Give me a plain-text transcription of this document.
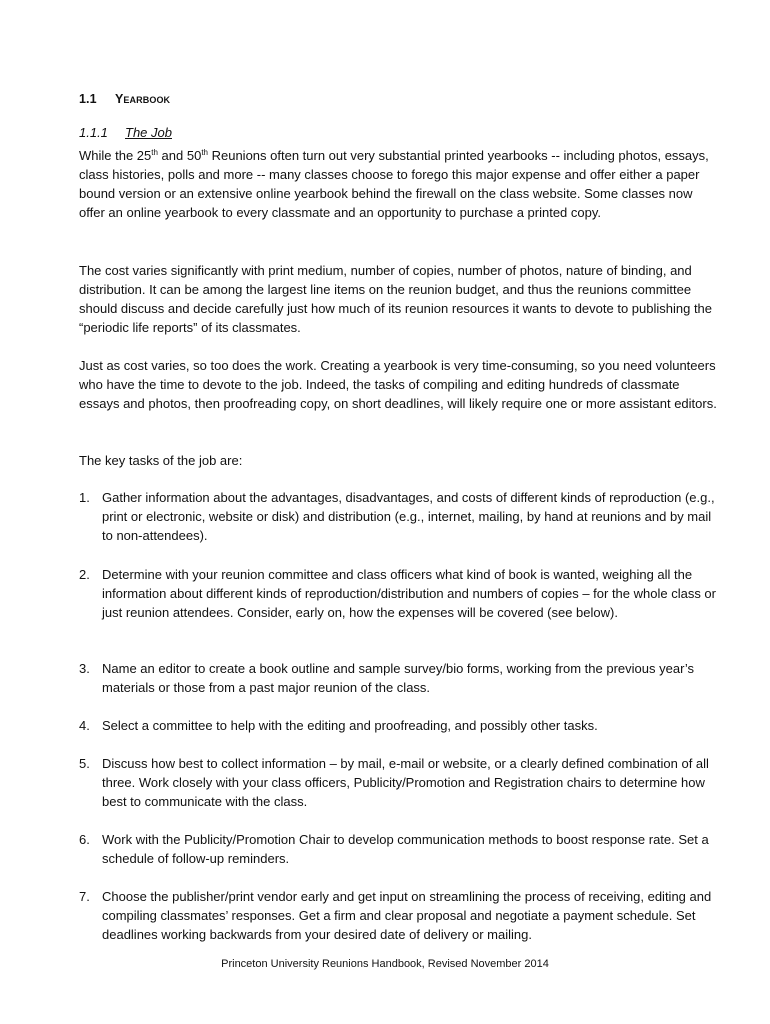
1.1 Yearbook
1.1.1 The Job

While the 25th and 50th Reunions often turn out very substantial printed yearbooks -- including photos, essays, class histories, polls and more -- many classes choose to forego this major expense and offer either a paper bound version or an extensive online yearbook behind the firewall on the class website. Some classes now offer an online yearbook to every classmate and an opportunity to purchase a printed copy.

The cost varies significantly with print medium, number of copies, number of photos, nature of binding, and distribution. It can be among the largest line items on the reunion budget, and thus the reunions committee should discuss and decide carefully just how much of its reunion resources it wants to devote to publishing the “periodic life reports” of its classmates.

Just as cost varies, so too does the work. Creating a yearbook is very time-consuming, so you need volunteers who have the time to devote to the job. Indeed, the tasks of compiling and editing hundreds of classmate essays and photos, then proofreading copy, on short deadlines, will likely require one or more assistant editors.

The key tasks of the job are:

1. Gather information about the advantages, disadvantages, and costs of different kinds of reproduction (e.g., print or electronic, website or disk) and distribution (e.g., internet, mailing, by hand at reunions and by mail to non-attendees).
2. Determine with your reunion committee and class officers what kind of book is wanted, weighing all the information about different kinds of reproduction/distribution and numbers of copies – for the whole class or just reunion attendees. Consider, early on, how the expenses will be covered (see below).
3. Name an editor to create a book outline and sample survey/bio forms, working from the previous year’s materials or those from a past major reunion of the class.
4. Select a committee to help with the editing and proofreading, and possibly other tasks.
5. Discuss how best to collect information – by mail, e-mail or website, or a clearly defined combination of all three. Work closely with your class officers, Publicity/Promotion and Registration chairs to determine how best to communicate with the class.
6. Work with the Publicity/Promotion Chair to develop communication methods to boost response rate. Set a schedule of follow-up reminders.
7. Choose the publisher/print vendor early and get input on streamlining the process of receiving, editing and compiling classmates’ responses. Get a firm and clear proposal and negotiate a payment schedule. Set deadlines working backwards from your desired date of delivery or mailing.
Princeton University Reunions Handbook, Revised November 2014
